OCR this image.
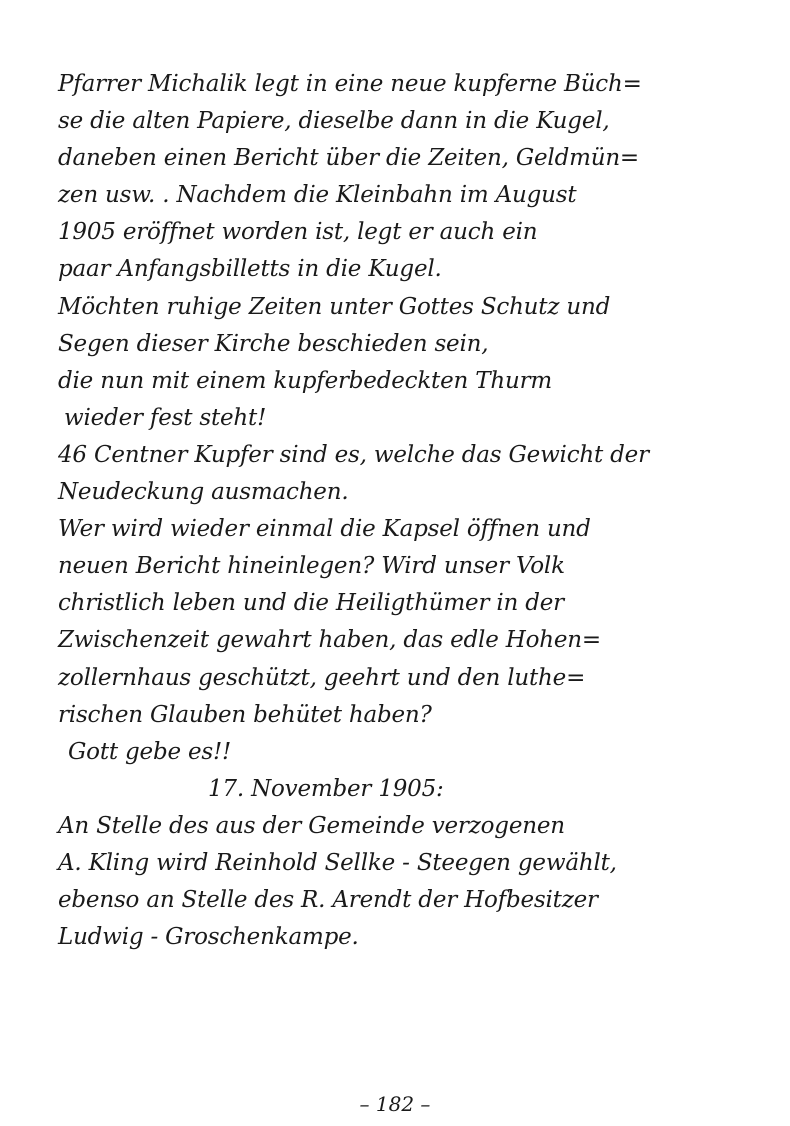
Pfarrer Michalik legt in eine neue kupferne Büch=
se die alten Papiere, dieselbe dann in die Kugel,
daneben einen Bericht über die Zeiten, Geldmün=
zen usw. . Nachdem die Kleinbahn im August
1905 eröffnet worden ist, legt er auch ein
paar Anfangsbilletts in die Kugel.
Möchten ruhige Zeiten unter Gottes Schutz und
Segen dieser Kirche beschieden sein,
die nun mit einem kupferbedeckten Thurm
wieder fest steht!
46 Centner Kupfer sind es, welche das Gewicht der
Neudeckung ausmachen.
Wer wird wieder einmal die Kapsel öffnen und
neuen Bericht hineinlegen? Wird unser Volk
christlich leben und die Heiligthümer in der
Zwischenzeit gewahrt haben, das edle Hohen=
zollernhaus geschützt, geehrt und den luthe=
rischen Glauben behütet haben?
Gott gebe es!!
17. November 1905:
An Stelle des aus der Gemeinde verzogenen
A. Kling wird Reinhold Sellke - Steegen gewählt,
ebenso an Stelle des R. Arendt der Hofbesitzer
Ludwig - Groschenkampe.
– 182 –
